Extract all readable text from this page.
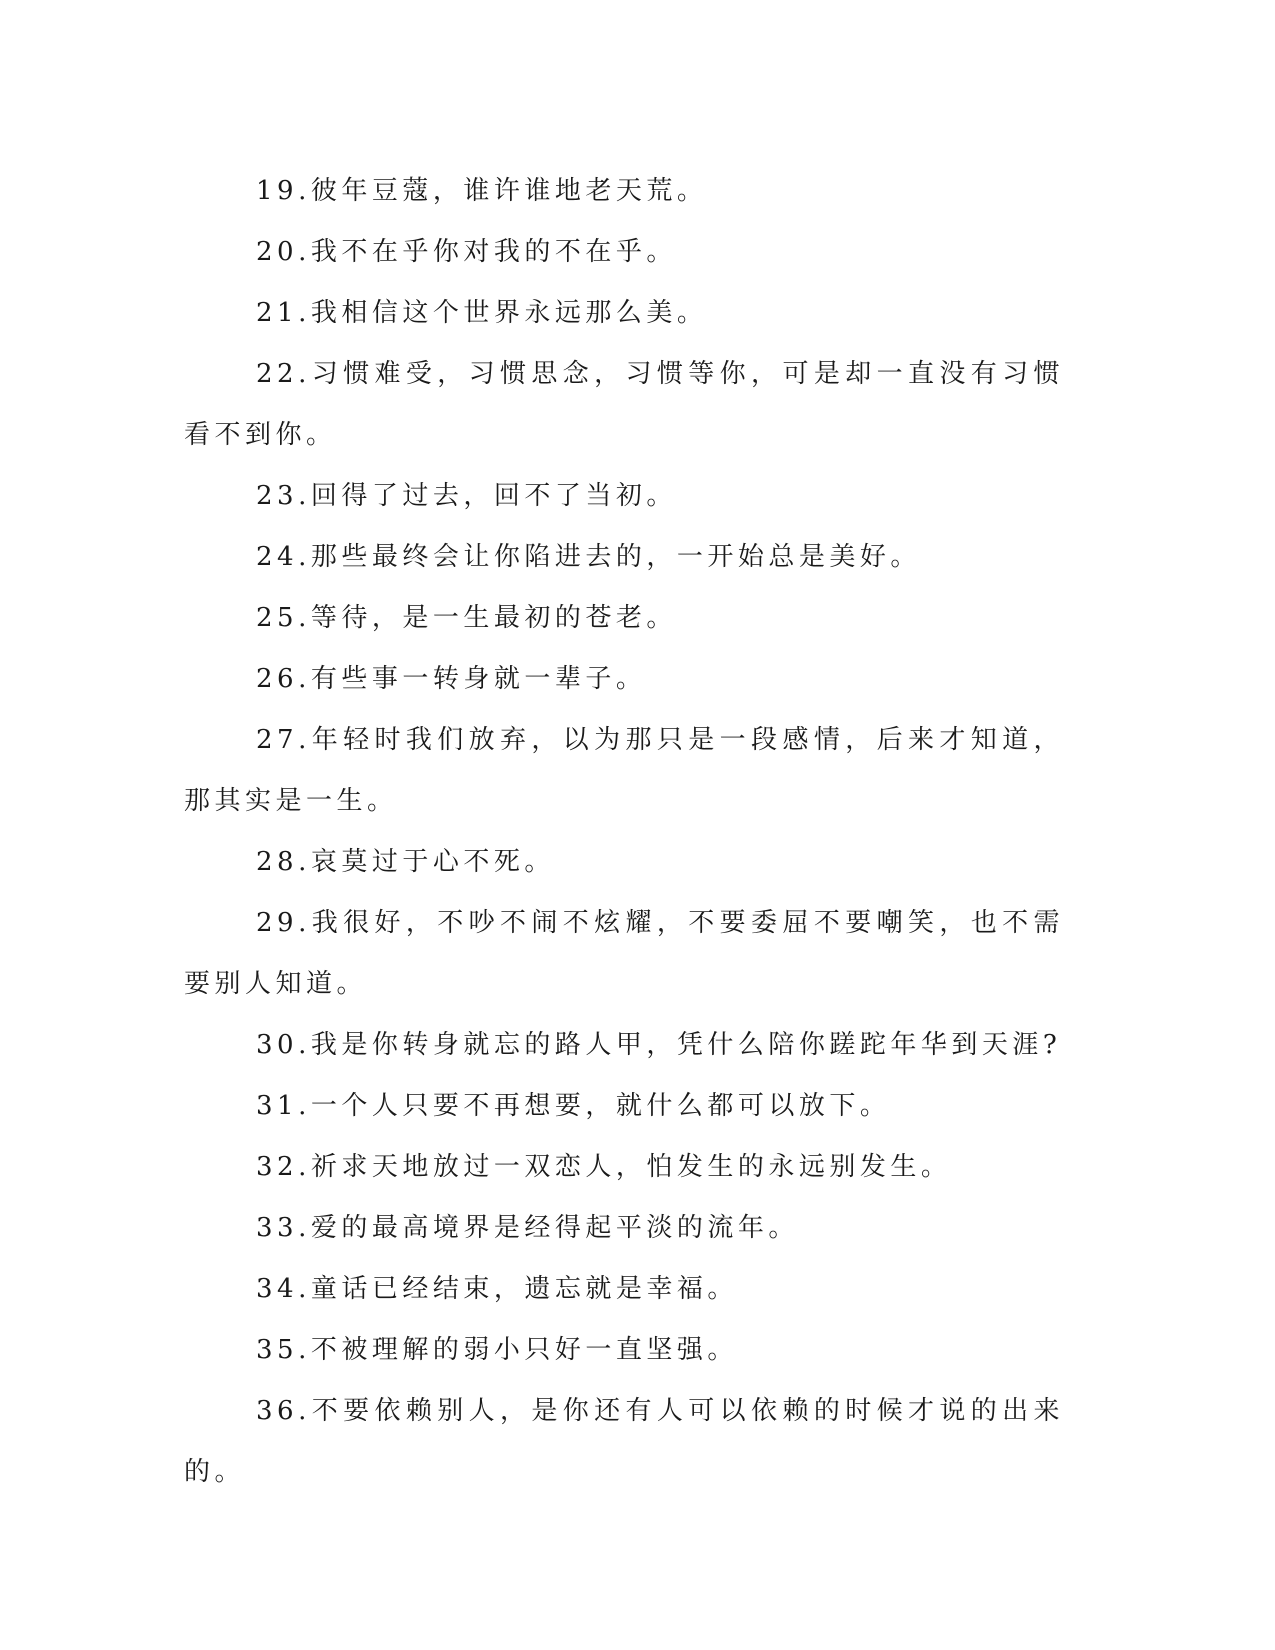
19.彼年豆蔻，谁许谁地老天荒。

20.我不在乎你对我的不在乎。

21.我相信这个世界永远那么美。

22.习惯难受，习惯思念，习惯等你，可是却一直没有习惯看不到你。

23.回得了过去，回不了当初。

24.那些最终会让你陷进去的，一开始总是美好。

25.等待，是一生最初的苍老。

26.有些事一转身就一辈子。

27.年轻时我们放弃，以为那只是一段感情，后来才知道，那其实是一生。

28.哀莫过于心不死。

29.我很好，不吵不闹不炫耀，不要委屈不要嘲笑，也不需要别人知道。

30.我是你转身就忘的路人甲，凭什么陪你蹉跎年华到天涯?

31.一个人只要不再想要，就什么都可以放下。

32.祈求天地放过一双恋人，怕发生的永远别发生。

33.爱的最高境界是经得起平淡的流年。

34.童话已经结束，遗忘就是幸福。

35.不被理解的弱小只好一直坚强。

36.不要依赖别人，是你还有人可以依赖的时候才说的出来的。
